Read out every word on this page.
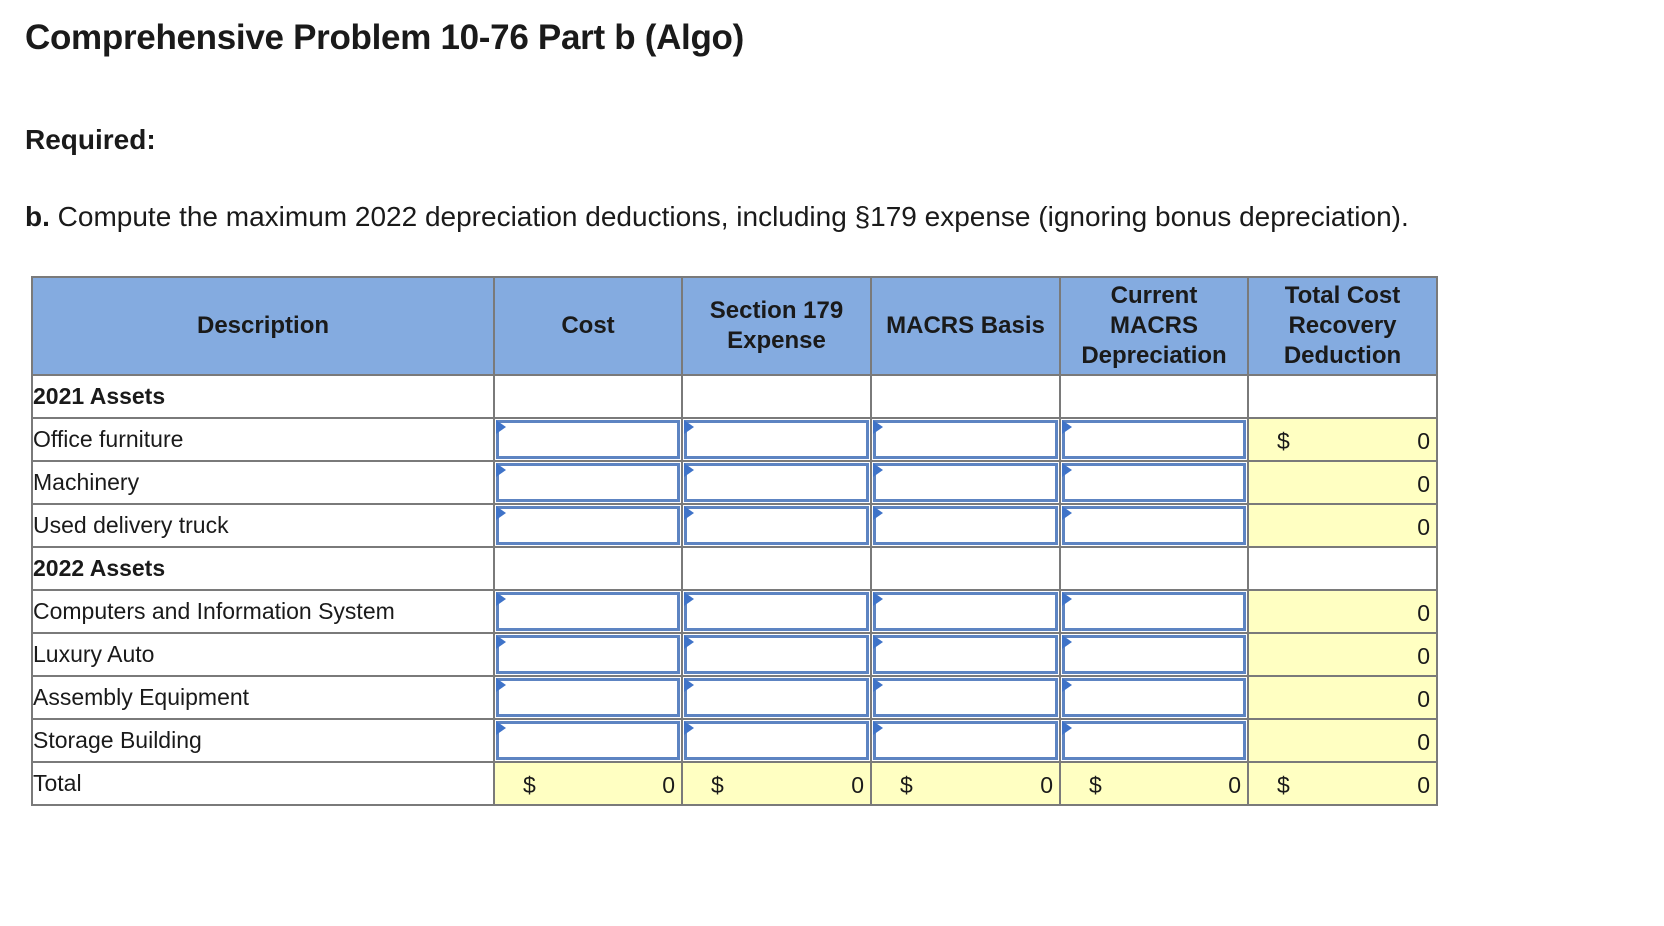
Comprehensive Problem 10-76 Part b (Algo)
Required:

b. Compute the maximum 2022 depreciation deductions, including §179 expense (ignoring bonus depreciation).

Description	Cost	Section 179 Expense	MACRS Basis	Current MACRS Depreciation	Total Cost Recovery Deduction
2021 Assets					
Office furniture					$ 0

Machinery					0

Used delivery truck					0

2022 Assets					
Computers and Information System					0

Luxury Auto					0

Assembly Equipment					0

Storage Building					0

Total	$ 0	$ 0	$ 0	$ 0	$ 0
